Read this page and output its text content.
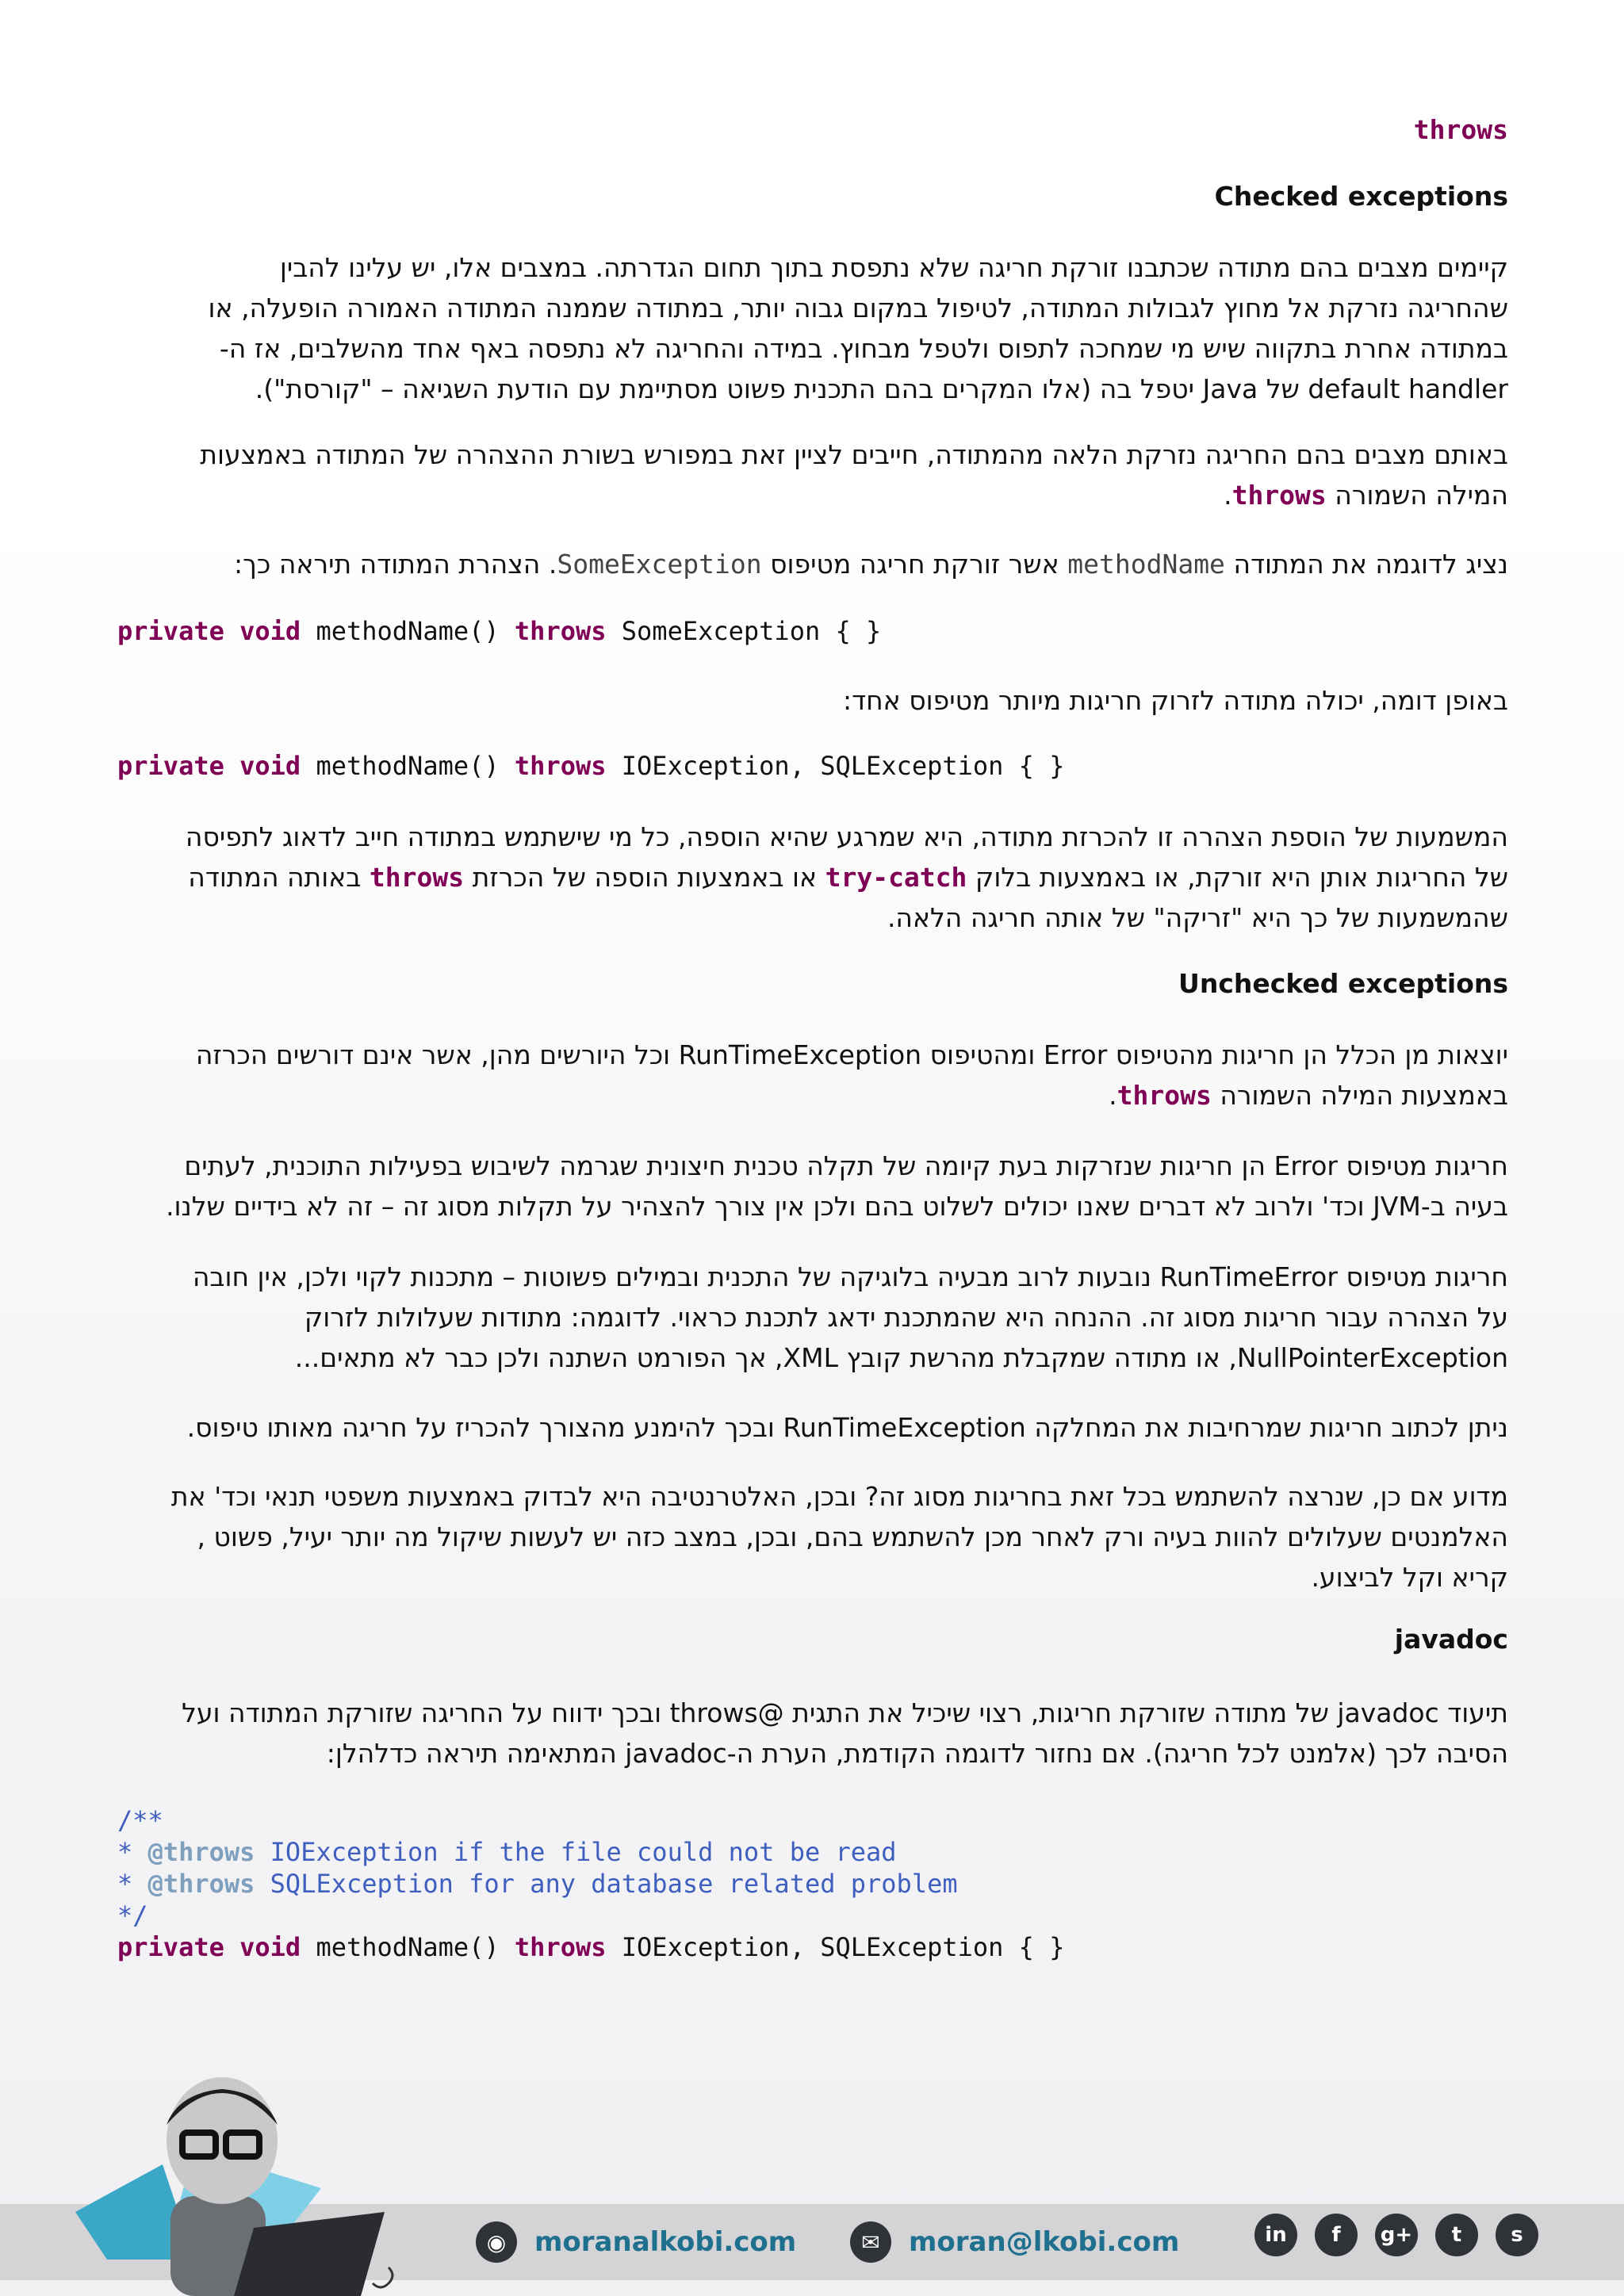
throws
Checked exceptions
קיימים מצבים בהם מתודה שכתבנו זורקת חריגה שלא נתפסת בתוך תחום הגדרתה. במצבים אלו, יש עלינו להבין
שהחריגה נזרקת אל מחוץ לגבולות המתודה, לטיפול במקום גבוה יותר, במתודה שממנה המתודה האמורה הופעלה, או
במתודה אחרת בתקווה שיש מי שמחכה לתפוס ולטפל מבחוץ. במידה והחריגה לא נתפסה באף אחד מהשלבים, אז ה-
default handler של Java יטפל בה (אלו המקרים בהם התכנית פשוט מסתיימת עם הודעת השגיאה – "קורסת").
באותם מצבים בהם החריגה נזרקת הלאה מהמתודה, חייבים לציין זאת במפורש בשורת ההצהרה של המתודה באמצעות
המילה השמורה throws.
נציג לדוגמה את המתודה methodName אשר זורקת חריגה מטיפוס SomeException. הצהרת המתודה תיראה כך:
private void methodName() throws SomeException { }
באופן דומה, יכולה מתודה לזרוק חריגות מיותר מטיפוס אחד:
private void methodName() throws IOException, SQLException { }
המשמעות של הוספת הצהרה זו להכרזת מתודה, היא שמרגע שהיא הוספה, כל מי שישתמש במתודה חייב לדאוג לתפיסה
של החריגות אותן היא זורקת, או באמצעות בלוק try-catch או באמצעות הוספה של הכרזת throws באותה המתודה
שהמשמעות של כך היא "זריקה" של אותה חריגה הלאה.
Unchecked exceptions
יוצאות מן הכלל הן חריגות מהטיפוס Error ומהטיפוס RunTimeException וכל היורשים מהן, אשר אינם דורשים הכרזה
באמצעות המילה השמורה throws.
חריגות מטיפוס Error הן חריגות שנזרקות בעת קיומה של תקלה טכנית חיצונית שגרמה לשיבוש בפעילות התוכנית, לעתים
בעיה ב-JVM וכד' ולרוב לא דברים שאנו יכולים לשלוט בהם ולכן אין צורך להצהיר על תקלות מסוג זה – זה לא בידיים שלנו.
חריגות מטיפוס RunTimeError נובעות לרוב מבעיה בלוגיקה של התכנית ובמילים פשוטות – מתכנות לקוי ולכן, אין חובה
על הצהרה עבור חריגות מסוג זה. ההנחה היא שהמתכנת ידאג לתכנת כראוי. לדוגמה: מתודות שעלולות לזרוק
NullPointerException, או מתודה שמקבלת מהרשת קובץ XML, אך הפורמט השתנה ולכן כבר לא מתאים...
ניתן לכתוב חריגות שמרחיבות את המחלקה RunTimeException ובכך להימנע מהצורך להכריז על חריגה מאותו טיפוס.
מדוע אם כן, שנרצה להשתמש בכל זאת בחריגות מסוג זה? ובכן, האלטרנטיבה היא לבדוק באמצעות משפטי תנאי וכד' את
האלמנטים שעלולים להוות בעיה ורק לאחר מכן להשתמש בהם, ובכן, במצב כזה יש לעשות שיקול מה יותר יעיל, פשוט ,
קריא וקל לביצוע.
javadoc
תיעוד javadoc של מתודה שזורקת חריגות, רצוי שיכיל את התגית @throws ובכך ידווח על החריגה שזורקת המתודה ועל
הסיבה לכך (אלמנט לכל חריגה). אם נחזור לדוגמה הקודמת, הערת ה-javadoc המתאימה תיראה כדלהלן:
/**
* @throws IOException if the file could not be read
* @throws SQLException for any database related problem
*/
private void methodName() throws IOException, SQLException { }
◉	moranalkobi.com	✉	moran@lkobi.com	in	f	g+	t	s
